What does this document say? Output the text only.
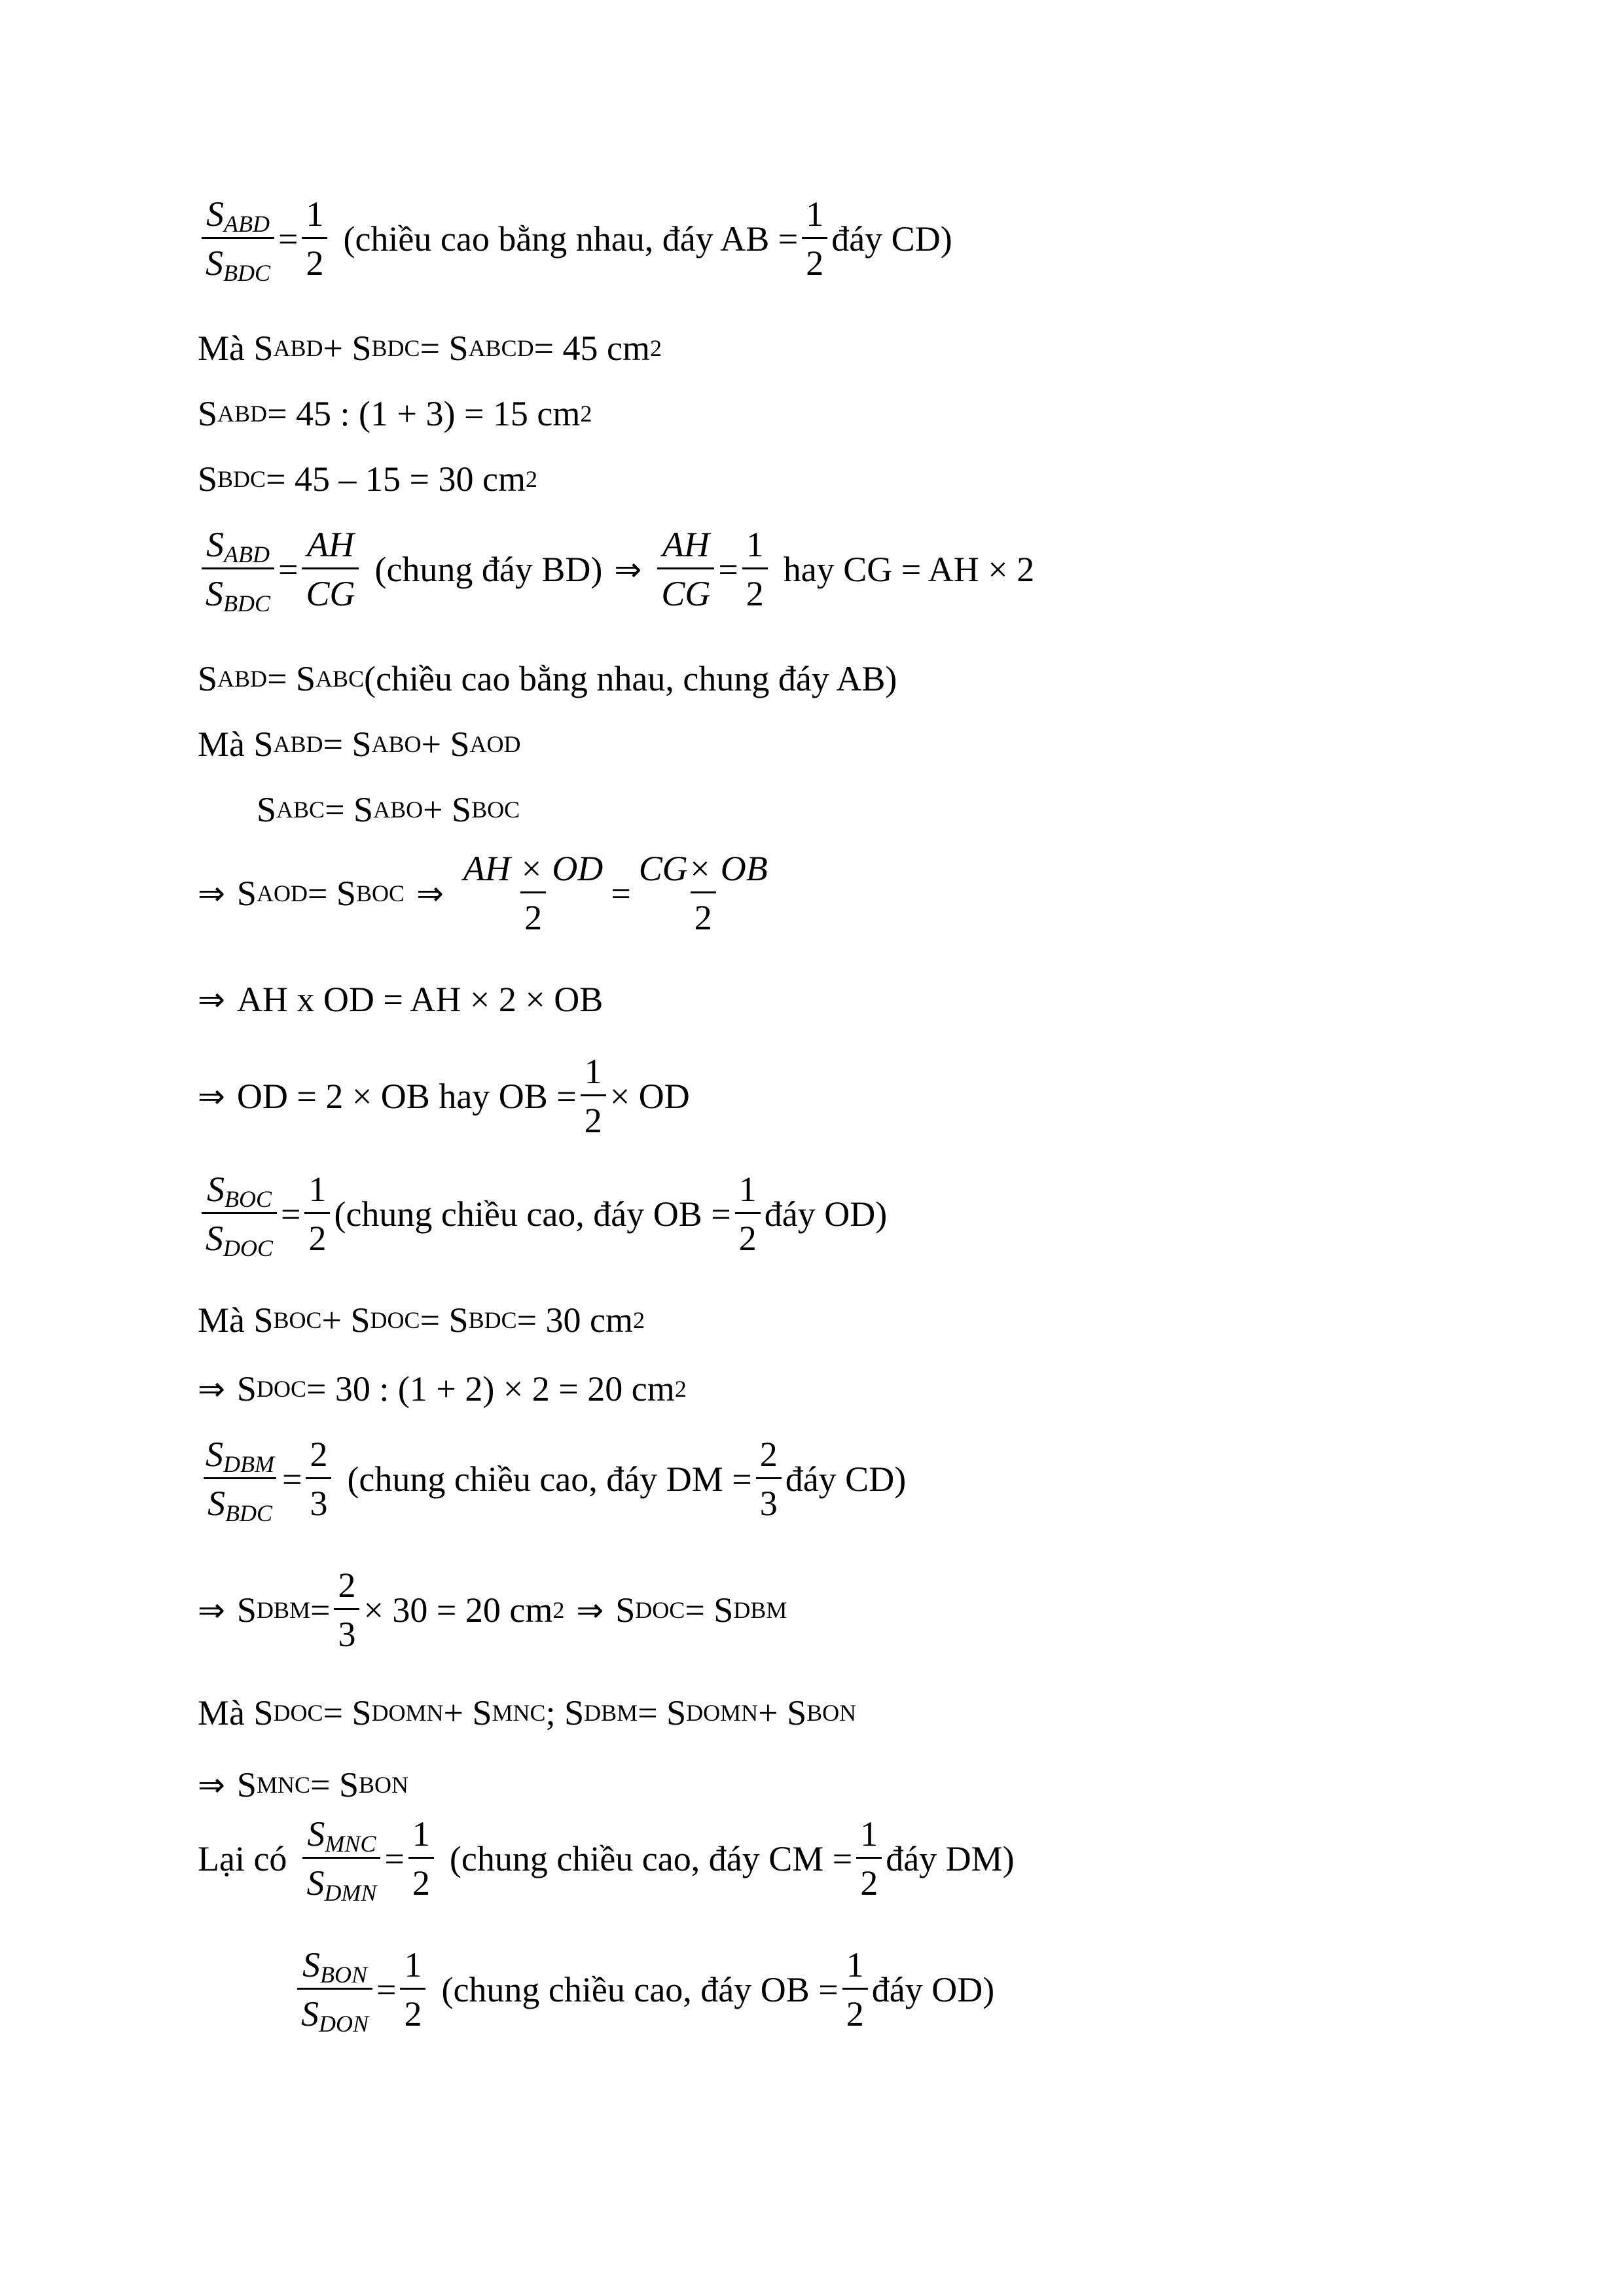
$\frac{S_{ABD}}{S_{BDC}} = \frac{1}{2}$ (chiều cao bằng nhau, đáy AB = $\frac{1}{2}$ đáy CD)
Mà S ABD + S BDC = S ABCD = 45 cm 2
S ABD = 45 : (1 + 3) = 15 cm 2
S BDC = 45 – 15 = 30 cm 2
$\frac{S_{ABD}}{S_{BDC}} = \frac{AH}{CG}$ (chung đáy BD) ⇒ $\frac{AH}{CG} = \frac{1}{2}$ hay CG = AH × 2
S ABD = S ABC (chiều cao bằng nhau, chung đáy AB)
Mà S ABD = S ABO + S AOD
S ABC = S ABO + S BOC
⇒ S AOD = S BOC ⇒ $\frac{AH \times OD}{2} = \frac{CG\times OB}{2}$
⇒ AH x OD = AH × 2 × OB
⇒ OD = 2 × OB hay OB = $\frac{1}{2}$ × OD
$\frac{S_{BOC}}{S_{DOC}} = \frac{1}{2}$ (chung chiều cao, đáy OB = $\frac{1}{2}$ đáy OD)
Mà S BOC + S DOC = S BDC = 30 cm 2
⇒ S DOC = 30 : (1 + 2) × 2 = 20 cm 2
$\frac{S_{DBM}}{S_{BDC}} = \frac{2}{3}$ (chung chiều cao, đáy DM = $\frac{2}{3}$ đáy CD)
⇒ S DBM = $\frac{2}{3} \times 30 = 20$ cm 2 ⇒ S DOC = S DBM
Mà S DOC = S DOMN + S MNC ; S DBM = S DOMN + S BON
⇒ S MNC = S BON
Lại có $\frac{S_{MNC}}{S_{DMN}} = \frac{1}{2}$ (chung chiều cao, đáy CM = $\frac{1}{2}$ đáy DM)
$\frac{S_{BON}}{S_{DON}} = \frac{1}{2}$ (chung chiều cao, đáy OB = $\frac{1}{2}$ đáy OD)
